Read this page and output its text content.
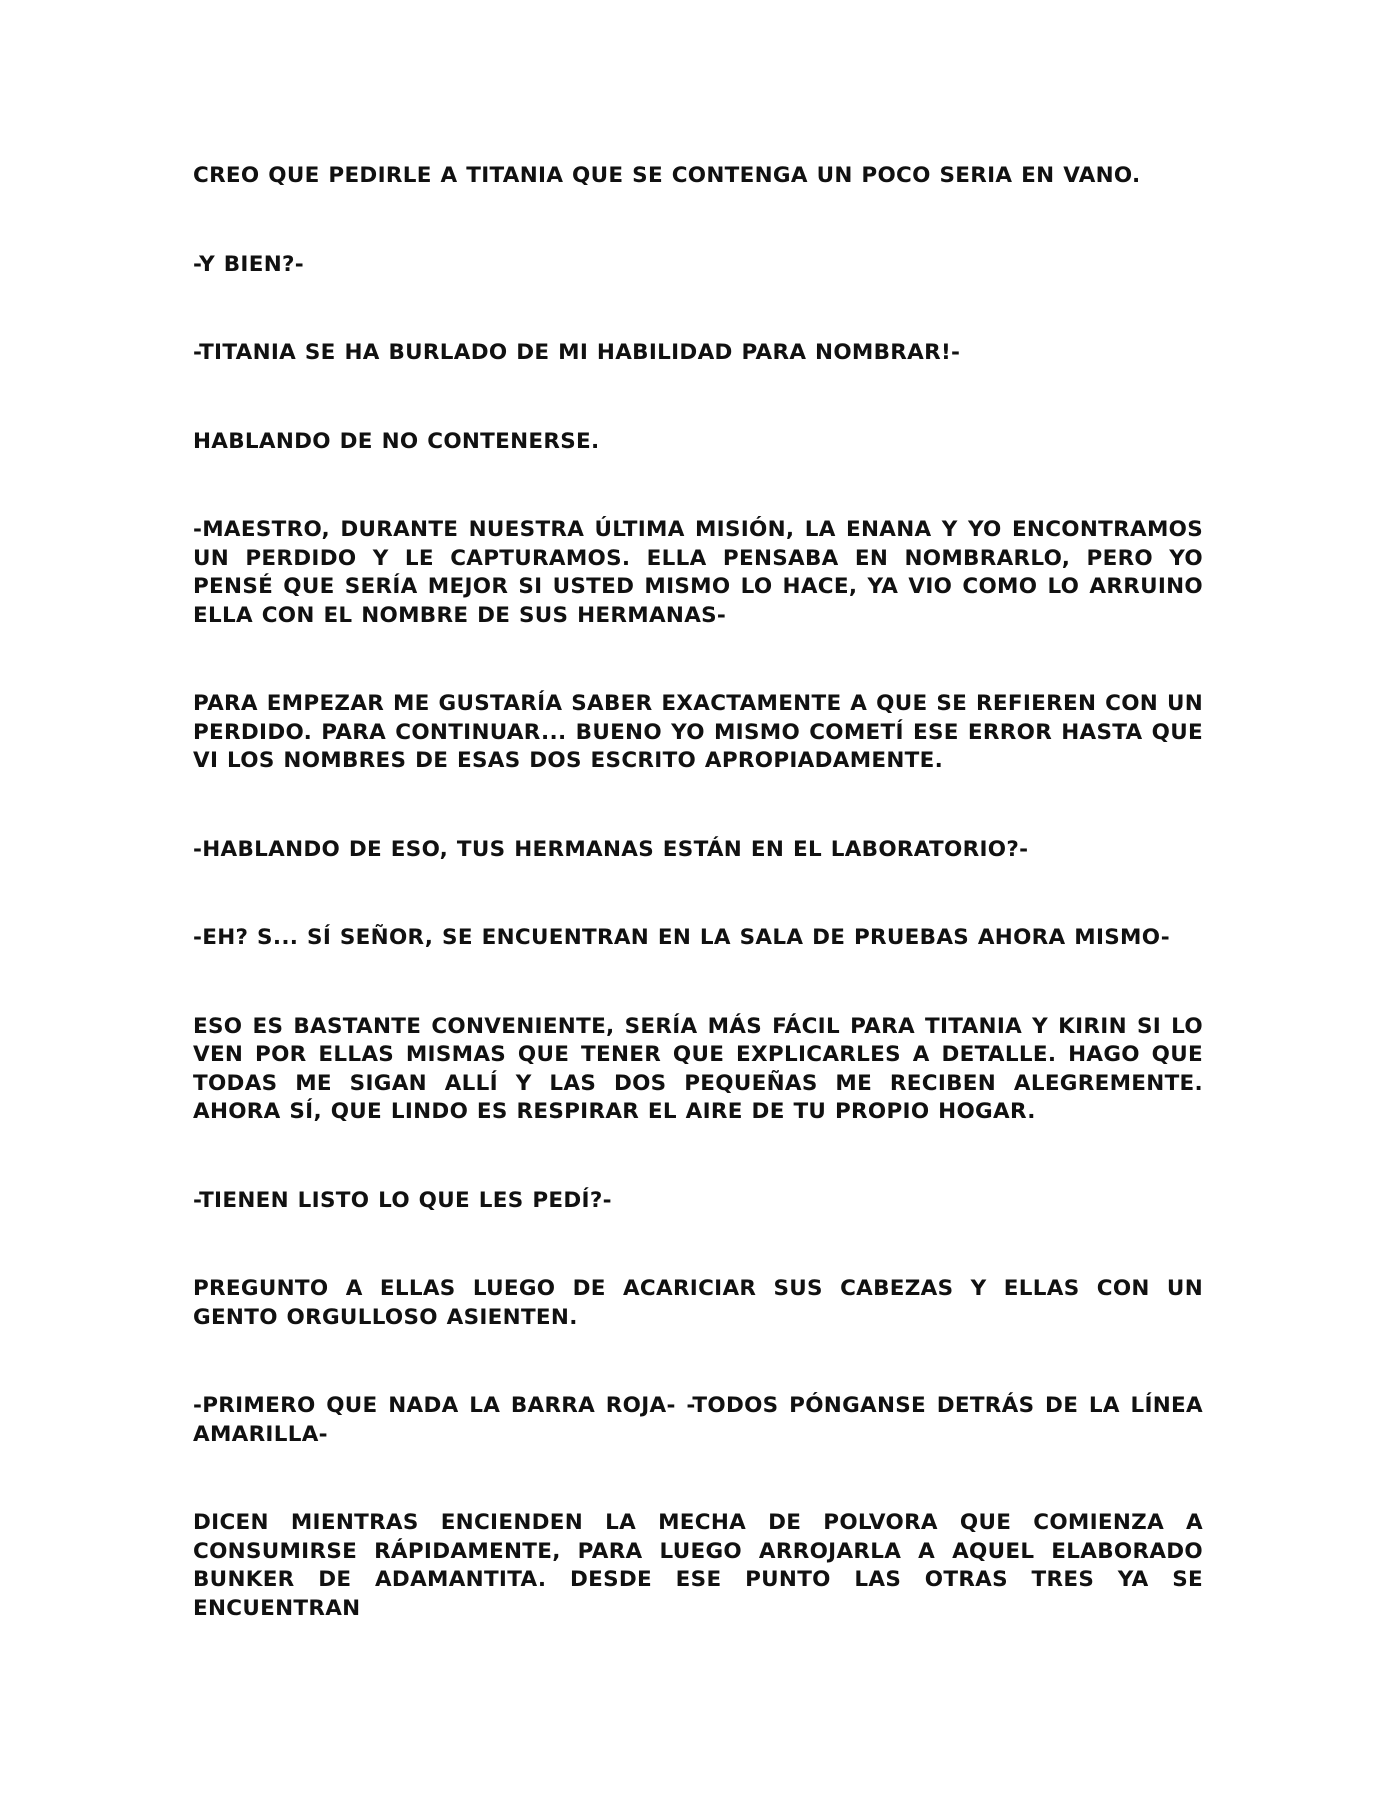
CREO QUE PEDIRLE A TITANIA QUE SE CONTENGA UN POCO SERIA EN VANO.

-Y BIEN?-

-TITANIA SE HA BURLADO DE MI HABILIDAD PARA NOMBRAR!-

HABLANDO DE NO CONTENERSE.

-MAESTRO, DURANTE NUESTRA ÚLTIMA MISIÓN, LA ENANA Y YO ENCONTRAMOS UN PERDIDO Y LE CAPTURAMOS. ELLA PENSABA EN NOMBRARLO, PERO YO PENSÉ QUE SERÍA MEJOR SI USTED MISMO LO HACE, YA VIO COMO LO ARRUINO ELLA CON EL NOMBRE DE SUS HERMANAS-

PARA EMPEZAR ME GUSTARÍA SABER EXACTAMENTE A QUE SE REFIEREN CON UN PERDIDO. PARA CONTINUAR... BUENO YO MISMO COMETÍ ESE ERROR HASTA QUE VI LOS NOMBRES DE ESAS DOS ESCRITO APROPIADAMENTE.

-HABLANDO DE ESO, TUS HERMANAS ESTÁN EN EL LABORATORIO?-

-EH? S... SÍ SEÑOR, SE ENCUENTRAN EN LA SALA DE PRUEBAS AHORA MISMO-

ESO ES BASTANTE CONVENIENTE, SERÍA MÁS FÁCIL PARA TITANIA Y KIRIN SI LO VEN POR ELLAS MISMAS QUE TENER QUE EXPLICARLES A DETALLE. HAGO QUE TODAS ME SIGAN ALLÍ Y LAS DOS PEQUEÑAS ME RECIBEN ALEGREMENTE. AHORA SÍ, QUE LINDO ES RESPIRAR EL AIRE DE TU PROPIO HOGAR.

-TIENEN LISTO LO QUE LES PEDÍ?-

PREGUNTO A ELLAS LUEGO DE ACARICIAR SUS CABEZAS Y ELLAS CON UN GENTO ORGULLOSO ASIENTEN.

-PRIMERO QUE NADA LA BARRA ROJA- -TODOS PÓNGANSE DETRÁS DE LA LÍNEA AMARILLA-

DICEN MIENTRAS ENCIENDEN LA MECHA DE POLVORA QUE COMIENZA A CONSUMIRSE RÁPIDAMENTE, PARA LUEGO ARROJARLA A AQUEL ELABORADO BUNKER DE ADAMANTITA. DESDE ESE PUNTO LAS OTRAS TRES YA SE ENCUENTRAN
